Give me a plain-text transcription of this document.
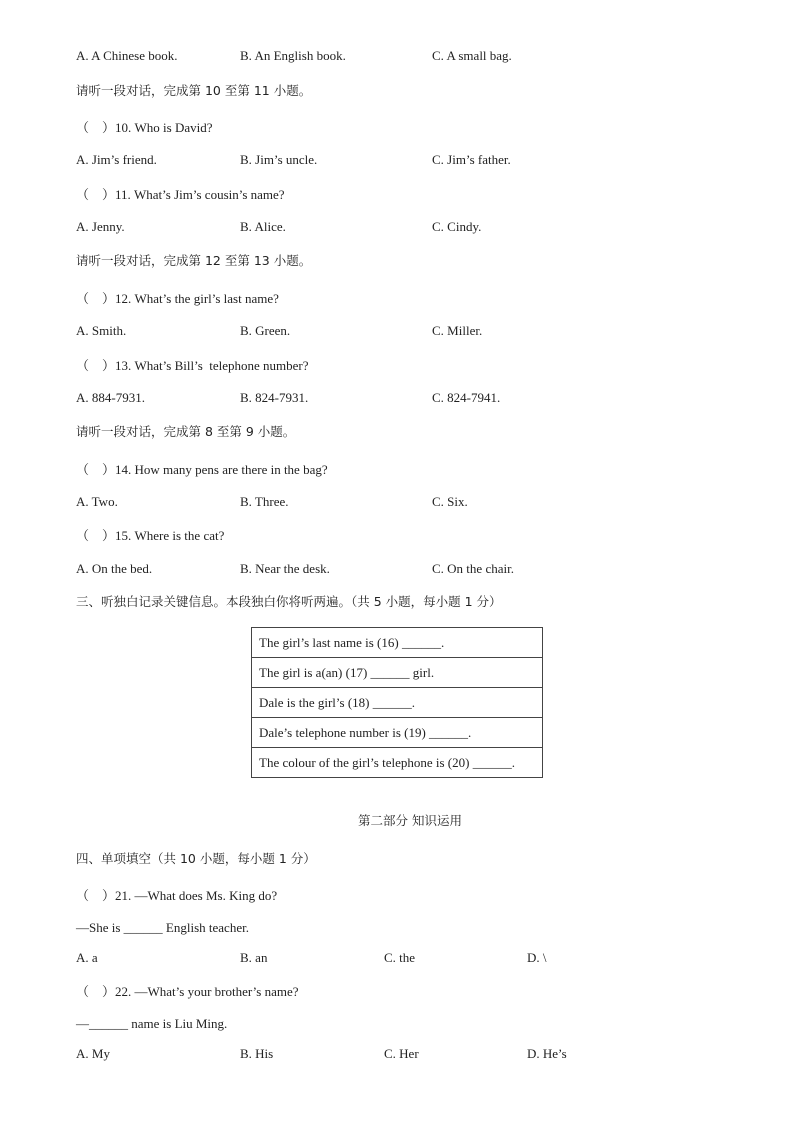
A. A Chinese book.	B. An English book.	C. A small bag.
请听一段对话，完成第 10 至第 11 小题。
（    ）10. Who is David?
A. Jim’s friend.	B. Jim’s uncle.	C. Jim’s father.
（    ）11. What’s Jim’s cousin’s name?
A. Jenny.	B. Alice.	C. Cindy.
请听一段对话，完成第 12 至第 13 小题。
（    ）12. What’s the girl’s last name?
A. Smith.	B. Green.	C. Miller.
（    ）13. What’s Bill’s  telephone number?
A. 884-7931.	B. 824-7931.	C. 824-7941.
请听一段对话，完成第 8 至第 9 小题。
（    ）14. How many pens are there in the bag?
A. Two.	B. Three.	C. Six.
（    ）15. Where is the cat?
A. On the bed.	B. Near the desk.	C. On the chair.
三、听独白记录关键信息。本段独白你将听两遍。（共 5 小题，每小题 1 分）
The girl’s last name is (16) ______.
The girl is a(an) (17) ______ girl.
Dale is the girl’s (18) ______.
Dale’s telephone number is (19) ______.
The colour of the girl’s telephone is (20) ______.
第二部分 知识运用
四、单项填空（共 10 小题，每小题 1 分）
（    ）21. —What does Ms. King do?
—She is ______ English teacher.
A. a	B. an	C. the	D. \
（    ）22. —What’s your brother’s name?
—______ name is Liu Ming.
A. My	B. His	C. Her	D. He’s
